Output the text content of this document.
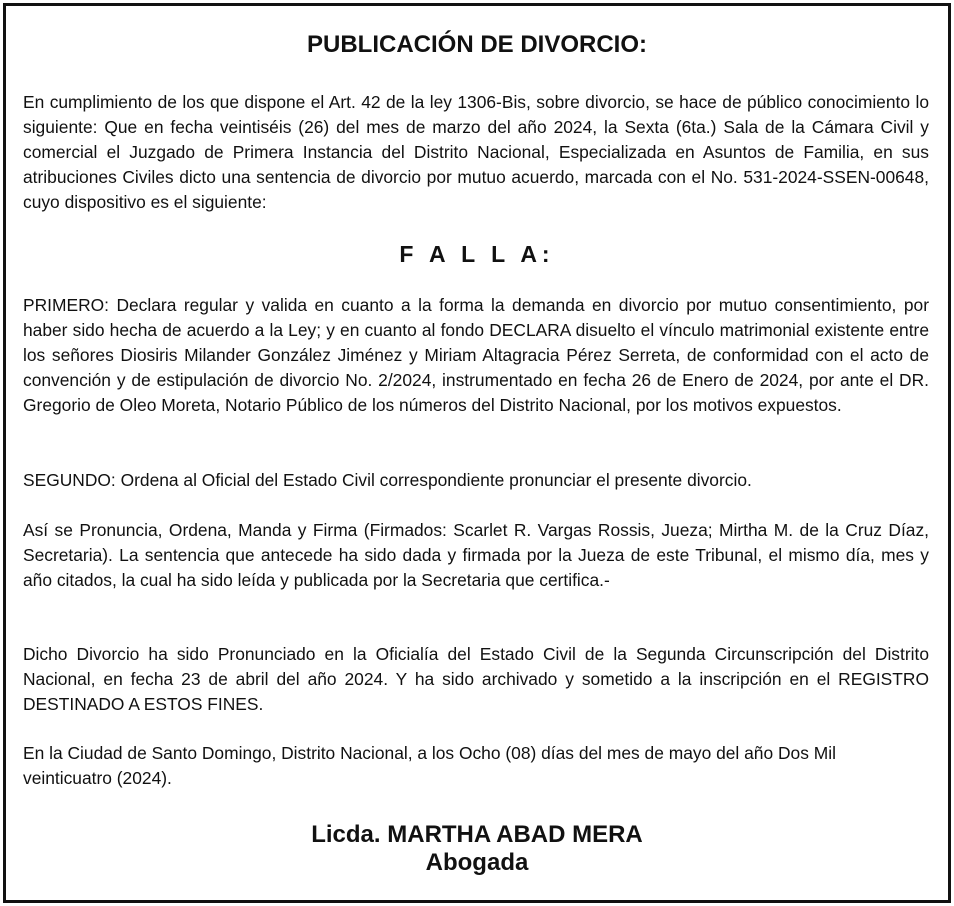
PUBLICACIÓN DE DIVORCIO:

En cumplimiento de los que dispone el Art. 42 de la ley 1306-Bis, sobre divorcio, se hace de público conocimiento lo siguiente: Que en fecha veintiséis (26) del mes de marzo del año 2024, la Sexta (6ta.) Sala de la Cámara Civil y comercial el Juzgado de Primera Instancia del Distrito Nacional, Especializada en Asuntos de Familia, en sus atribuciones Civiles dicto una sentencia de divorcio por mutuo acuerdo, marcada con el No. 531-2024-SSEN-00648, cuyo dispositivo es el siguiente:

F A L L A:

PRIMERO: Declara regular y valida en cuanto a la forma la demanda en divorcio por mutuo consentimiento, por haber sido hecha de acuerdo a la Ley; y en cuanto al fondo DECLARA disuelto el vínculo matrimonial existente entre los señores Diosiris Milander González Jiménez y Miriam Altagracia Pérez Serreta, de conformidad con el acto de convención y de estipulación de divorcio No. 2/2024, instrumentado en fecha 26 de Enero de 2024, por ante el DR. Gregorio de Oleo Moreta, Notario Público de los números del Distrito Nacional, por los motivos expuestos.

SEGUNDO: Ordena al Oficial del Estado Civil correspondiente pronunciar el presente divorcio.

Así se Pronuncia, Ordena, Manda y Firma (Firmados: Scarlet R. Vargas Rossis, Jueza; Mirtha M. de la Cruz Díaz, Secretaria). La sentencia que antecede ha sido dada y firmada por la Jueza de este Tribunal, el mismo día, mes y año citados, la cual ha sido leída y publicada por la Secretaria que certifica.-

Dicho Divorcio ha sido Pronunciado en la Oficialía del Estado Civil de la Segunda Circunscripción del Distrito Nacional, en fecha 23 de abril del año 2024. Y ha sido archivado y sometido a la inscripción en el REGISTRO DESTINADO A ESTOS FINES.

En la Ciudad de Santo Domingo, Distrito Nacional, a los Ocho (08) días del mes de mayo del año Dos Mil veinticuatro (2024).

Licda. MARTHA ABAD MERA
Abogada
